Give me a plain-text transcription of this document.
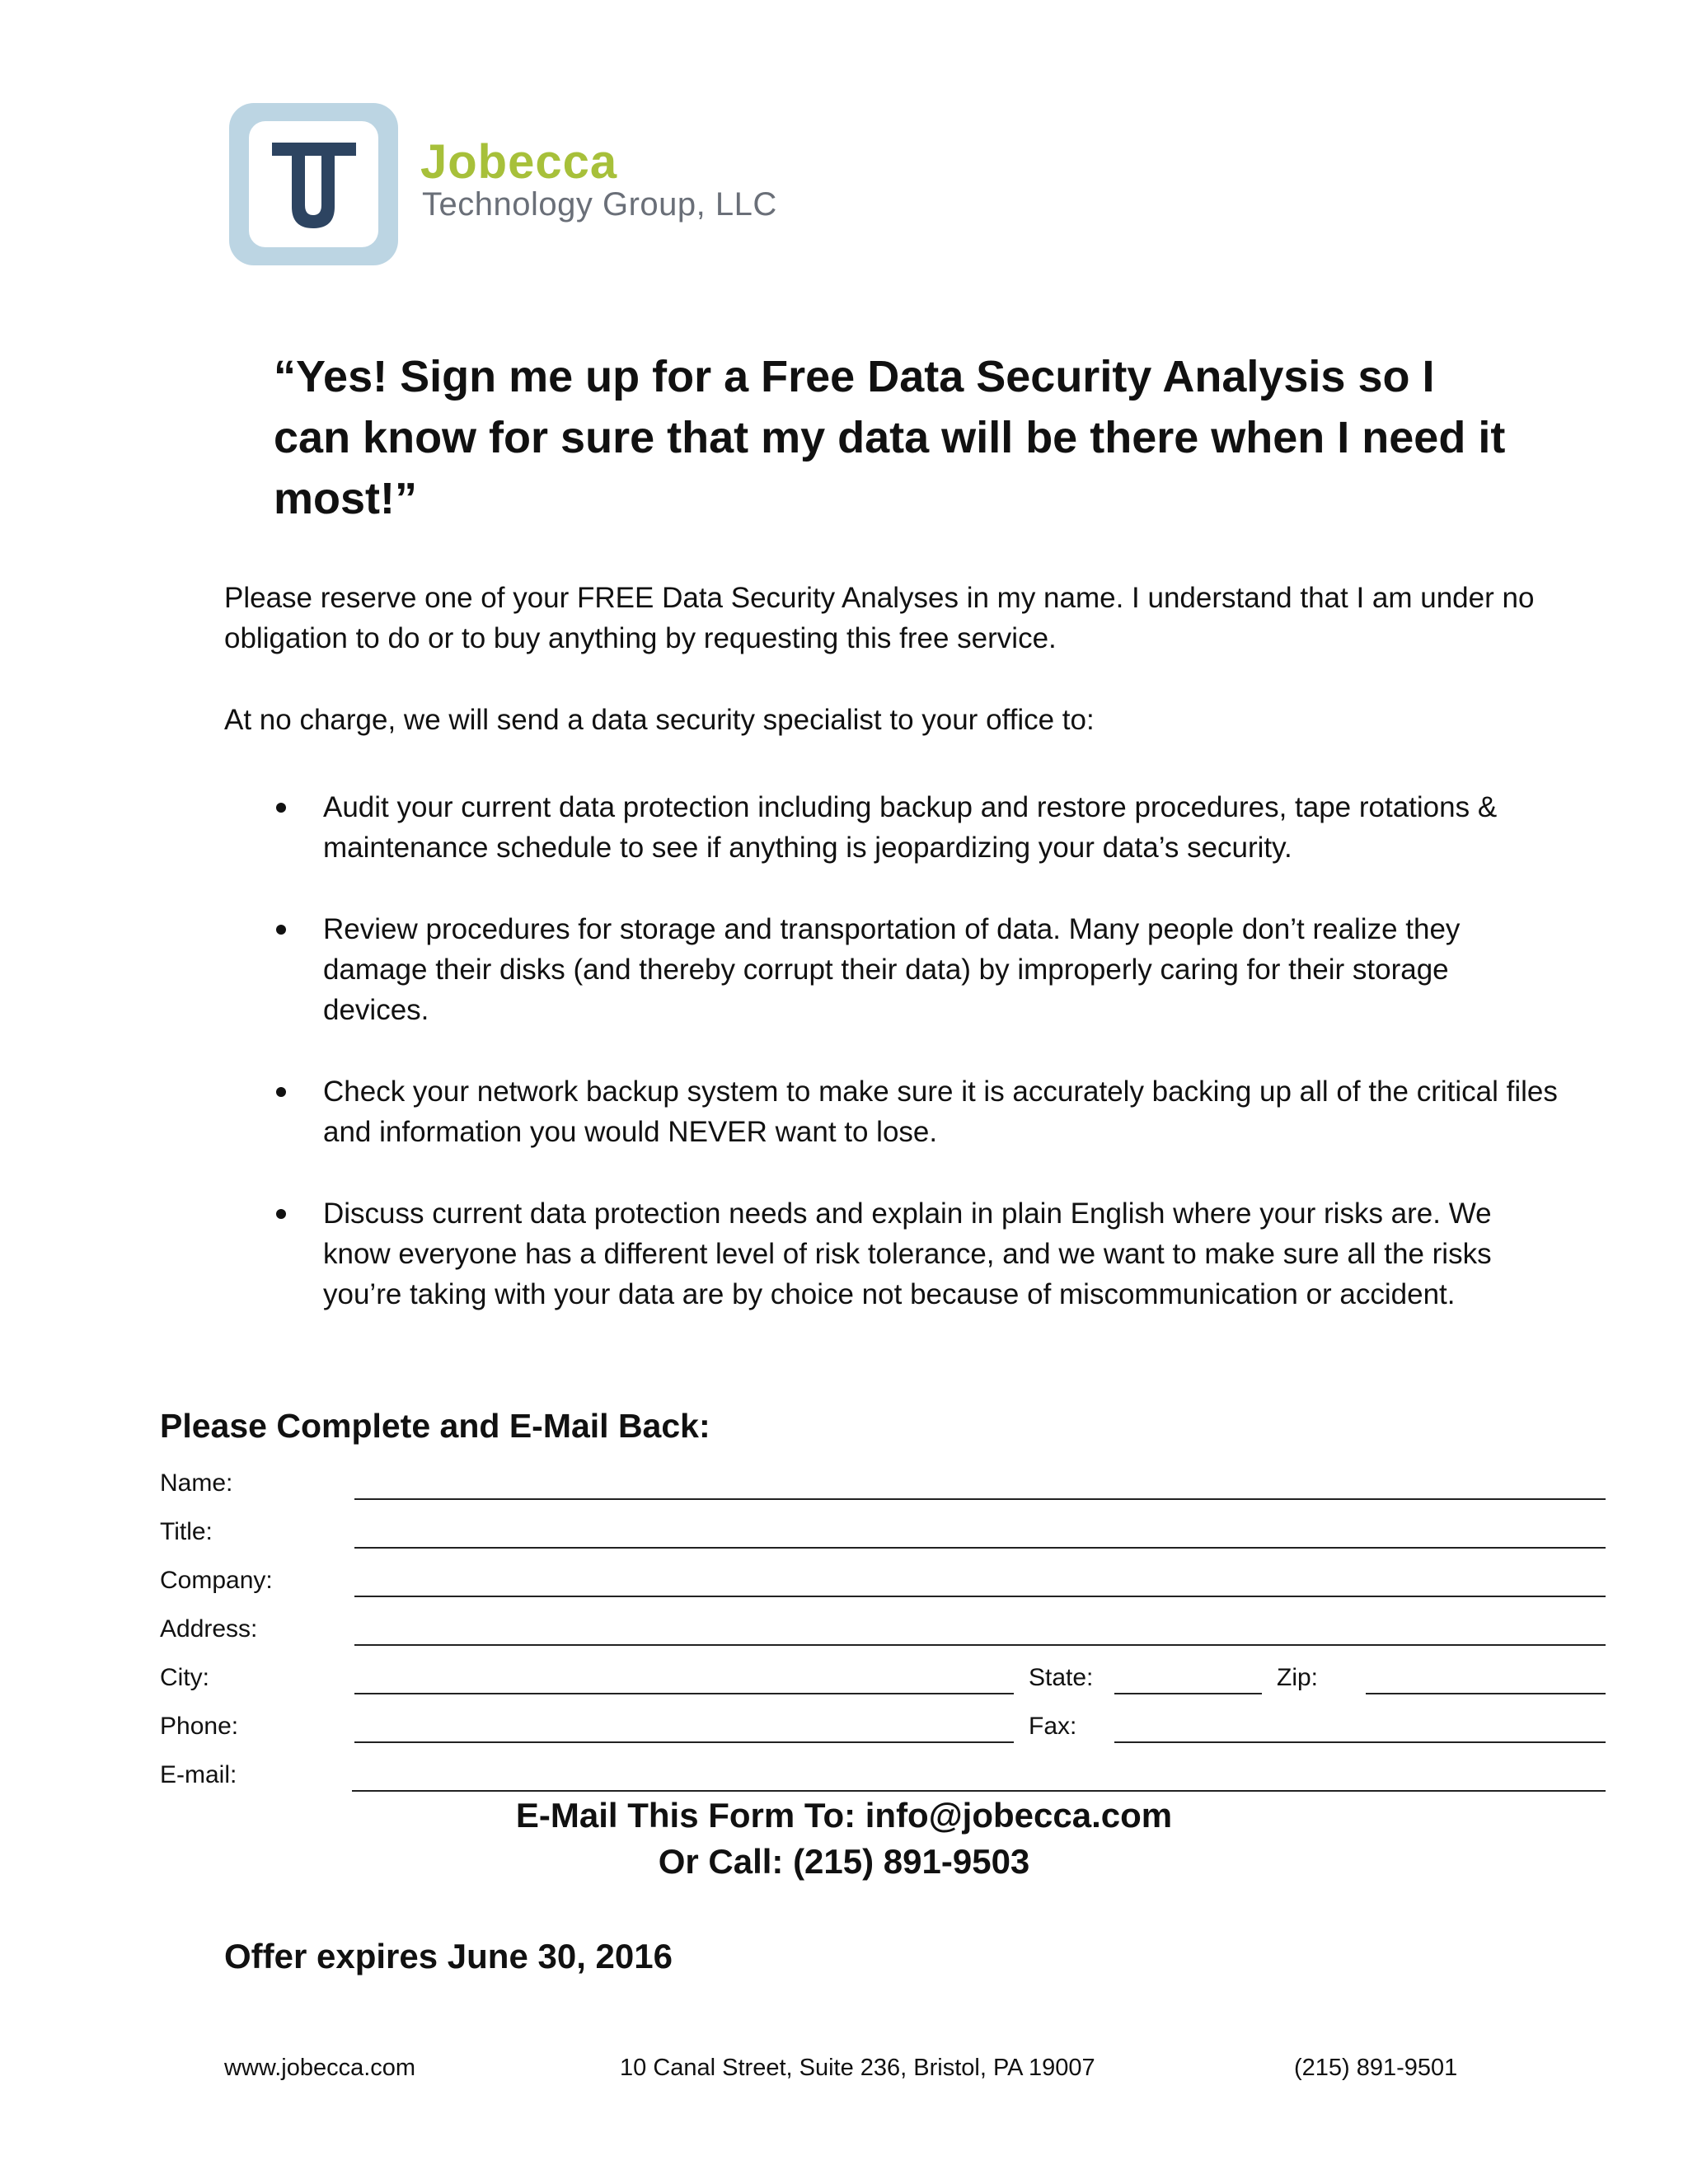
Jobecca
Technology Group, LLC
“Yes! Sign me up for a Free Data Security Analysis so I can know for sure that my data will be there when I need it most!”

Please reserve one of your FREE Data Security Analyses in my name. I understand that I am under no obligation to do or to buy anything by requesting this free service.

At no charge, we will send a data security specialist to your office to:

Audit your current data protection including backup and restore procedures, tape rotations & maintenance schedule to see if anything is jeopardizing your data’s security.
Review procedures for storage and transportation of data. Many people don’t realize they damage their disks (and thereby corrupt their data) by improperly caring for their storage devices.
Check your network backup system to make sure it is accurately backing up all of the critical files and information you would NEVER want to lose.
Discuss current data protection needs and explain in plain English where your risks are. We know everyone has a different level of risk tolerance, and we want to make sure all the risks you’re taking with your data are by choice not because of miscommunication or accident.
Please Complete and E-Mail Back:
Name:
Title:
Company:
Address:
City:	State:	Zip:
Phone:	Fax:
E-mail:
E-Mail This Form To: info@jobecca.com
Or Call: (215) 891-9503
Offer expires June 30, 2016
www.jobecca.com	10 Canal Street, Suite 236, Bristol, PA 19007	(215) 891-9501
